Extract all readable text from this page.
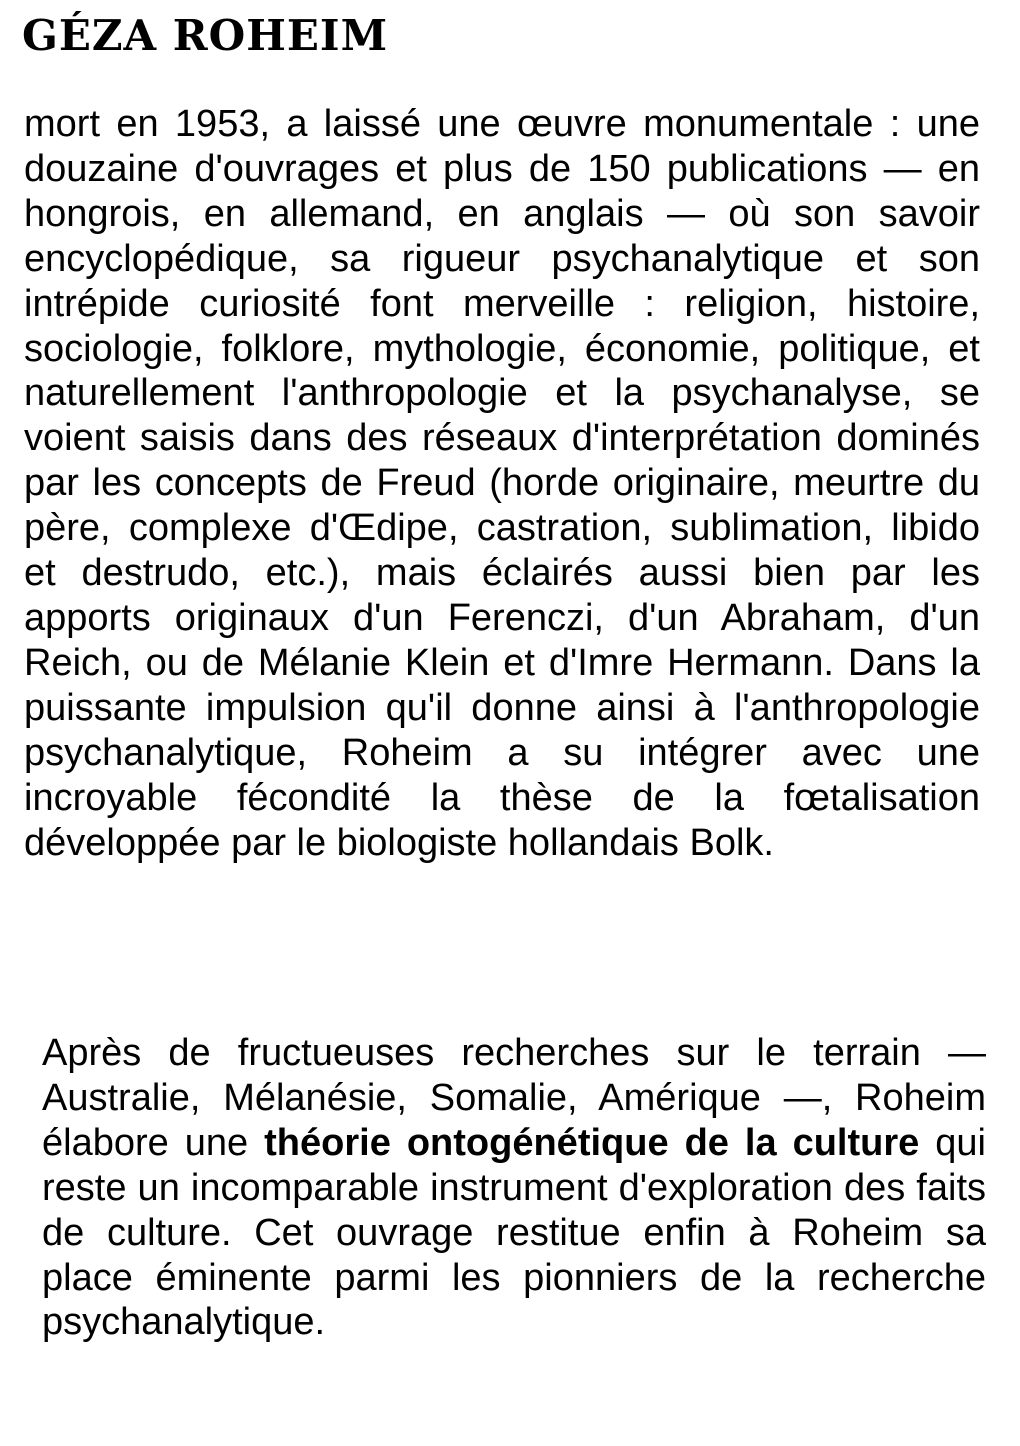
GÉZA ROHEIM

mort en 1953, a laissé une œuvre monumentale : une douzaine d'ouvrages et plus de 150 publications — en hongrois, en allemand, en anglais — où son savoir encyclopédique, sa rigueur psychanalytique et son intrépide curiosité font merveille : religion, histoire, sociologie, folklore, mythologie, économie, politique, et naturellement l'anthropologie et la psychanalyse, se voient saisis dans des réseaux d'interprétation dominés par les concepts de Freud (horde originaire, meurtre du père, complexe d'Œdipe, castration, sublimation, libido et destrudo, etc.), mais éclairés aussi bien par les apports originaux d'un Ferenczi, d'un Abraham, d'un Reich, ou de Mélanie Klein et d'Imre Hermann. Dans la puissante impulsion qu'il donne ainsi à l'anthropologie psychanalytique, Roheim a su intégrer avec une incroyable fécondité la thèse de la fœtalisation développée par le biologiste hollandais Bolk.

Après de fructueuses recherches sur le terrain — Australie, Mélanésie, Somalie, Amérique —, Roheim élabore une théorie ontogénétique de la culture qui reste un incomparable instrument d'exploration des faits de culture. Cet ouvrage restitue enfin à Roheim sa place éminente parmi les pionniers de la recherche psychanalytique.
